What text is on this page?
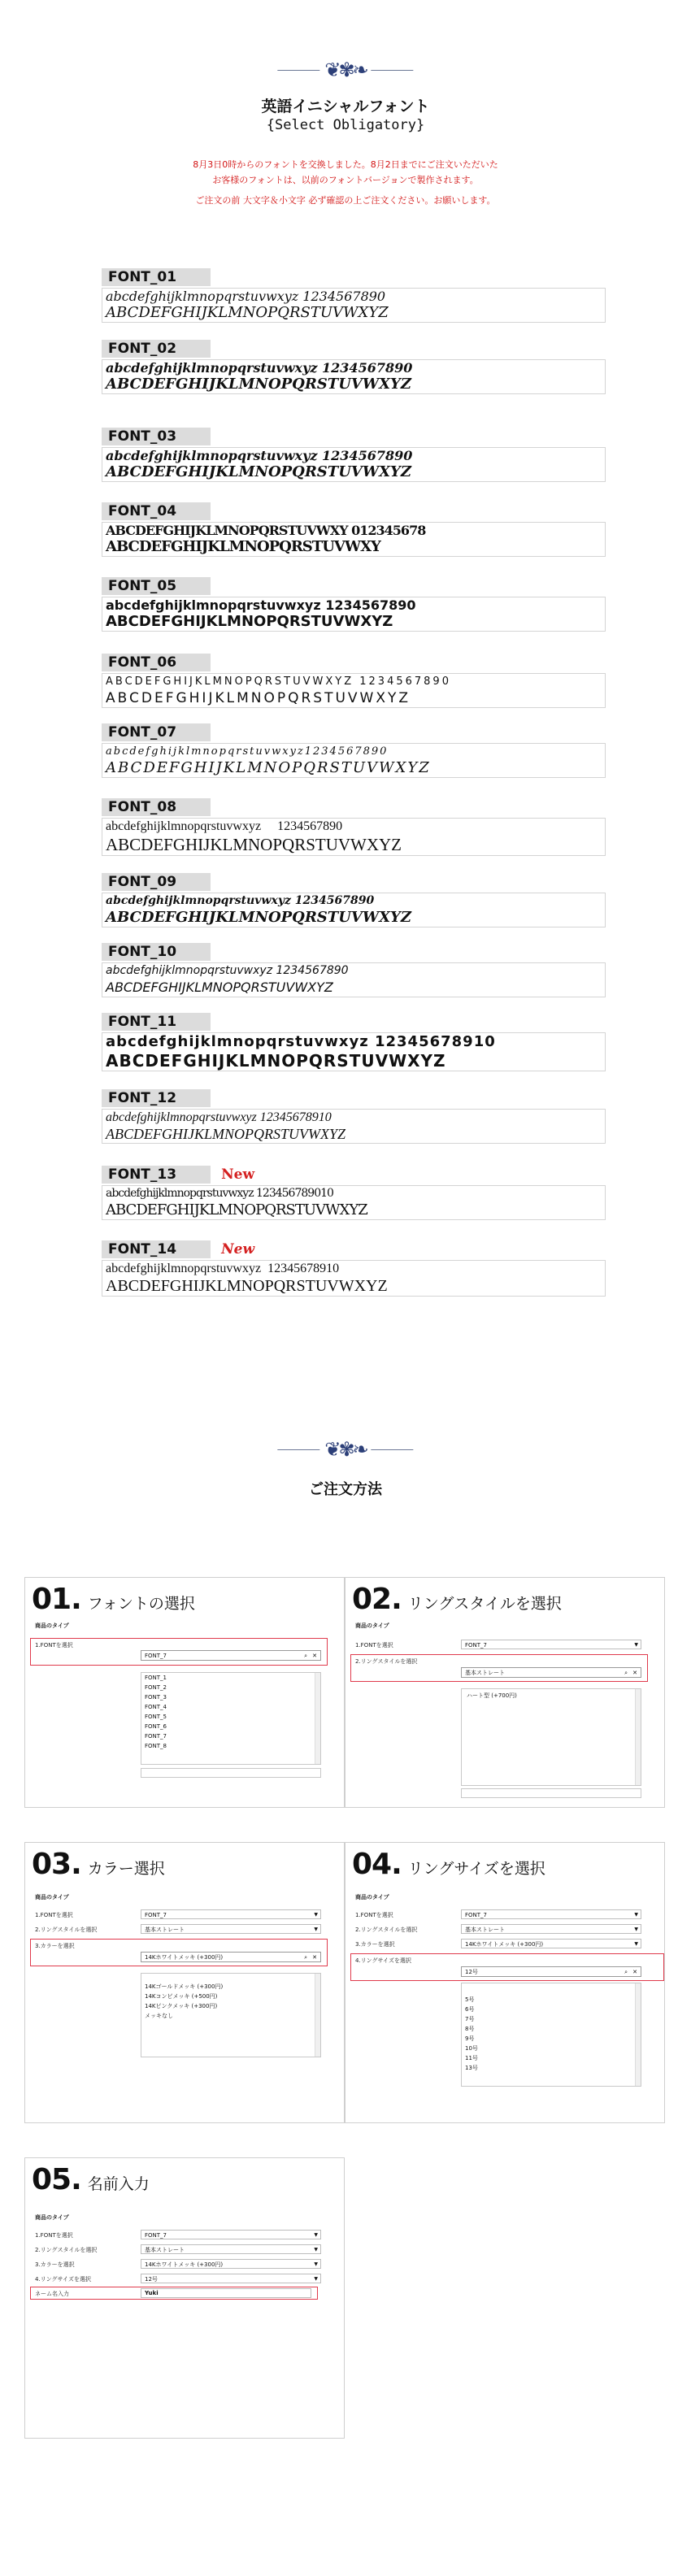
❦✾❧
英語イニシャルフォント
{Select Obligatory}
8月3日0時からのフォントを交換しました。8月2日までにご注文いただいた
お客様のフォントは、以前のフォントバージョンで製作されます。
ご注文の前 大文字＆小文字 必ず確認の上ご注文ください。お願いします。
FONT_01
abcdefghijklmnopqrstuvwxyz 1234567890
ABCDEFGHIJKLMNOPQRSTUVWXYZ
FONT_02
abcdefghijklmnopqrstuvwxyz 1234567890
ABCDEFGHIJKLMNOPQRSTUVWXYZ
FONT_03
abcdefghijklmnopqrstuvwxyz 1234567890
ABCDEFGHIJKLMNOPQRSTUVWXYZ
FONT_04
ABCDEFGHIJKLMNOPQRSTUVWXY 012345678
ABCDEFGHIJKLMNOPQRSTUVWXY
FONT_05
abcdefghijklmnopqrstuvwxyz 1234567890
ABCDEFGHIJKLMNOPQRSTUVWXYZ
FONT_06
ABCDEFGHIJKLMNOPQRSTUVWXYZ 1234567890
ABCDEFGHIJKLMNOPQRSTUVWXYZ
FONT_07
abcdefghijklmnopqrstuvwxyz1234567890
ABCDEFGHIJKLMNOPQRSTUVWXYZ
FONT_08
abcdefghijklmnopqrstuvwxyz     1234567890
ABCDEFGHIJKLMNOPQRSTUVWXYZ
FONT_09
abcdefghijklmnopqrstuvwxyz 1234567890
ABCDEFGHIJKLMNOPQRSTUVWXYZ
FONT_10
abcdefghijklmnopqrstuvwxyz 1234567890
ABCDEFGHIJKLMNOPQRSTUVWXYZ
FONT_11
abcdefghijklmnopqrstuvwxyz 12345678910
ABCDEFGHIJKLMNOPQRSTUVWXYZ
FONT_12
abcdefghijklmnopqrstuvwxyz 12345678910
ABCDEFGHIJKLMNOPQRSTUVWXYZ
FONT_13	New
abcdefghijklmnopqrstuvwxyz 123456789010
ABCDEFGHIJKLMNOPQRSTUVWXYZ
FONT_14	New
abcdefghijklmnopqrstuvwxyz  12345678910
ABCDEFGHIJKLMNOPQRSTUVWXYZ
❦✾❧
ご注文方法
01. フォントの選択
商品のタイプ
1.FONTを選択
FONT_7	⌕ ✕
FONT_1
FONT_2
FONT_3
FONT_4
FONT_5
FONT_6
FONT_7
FONT_8
02. リングスタイルを選択
商品のタイプ
1.FONTを選択	FONT_7	▼
2.リングスタイルを選択
基本ストレート	⌕ ✕
ハート型 (+700円)
03. カラー選択
商品のタイプ
1.FONTを選択	FONT_7	▼
2.リングスタイルを選択	基本ストレート	▼
3.カラーを選択
14Kホワイトメッキ (+300円)	⌕ ✕
14Kゴールドメッキ (+300円)
14Kコンビメッキ (+500円)
14Kピンクメッキ (+300円)
メッキなし
04. リングサイズを選択
商品のタイプ
1.FONTを選択	FONT_7	▼
2.リングスタイルを選択	基本ストレート	▼
3.カラーを選択	14Kホワイトメッキ (+300円)	▼
4.リングサイズを選択
12号	⌕ ✕
5号
6号
7号
8号
9号
10号
11号
13号
05. 名前入力
商品のタイプ
1.FONTを選択	FONT_7	▼
2.リングスタイルを選択	基本ストレート	▼
3.カラーを選択	14Kホワイトメッキ (+300円)	▼
4.リングサイズを選択	12号	▼
ネーム名入力	Yuki
